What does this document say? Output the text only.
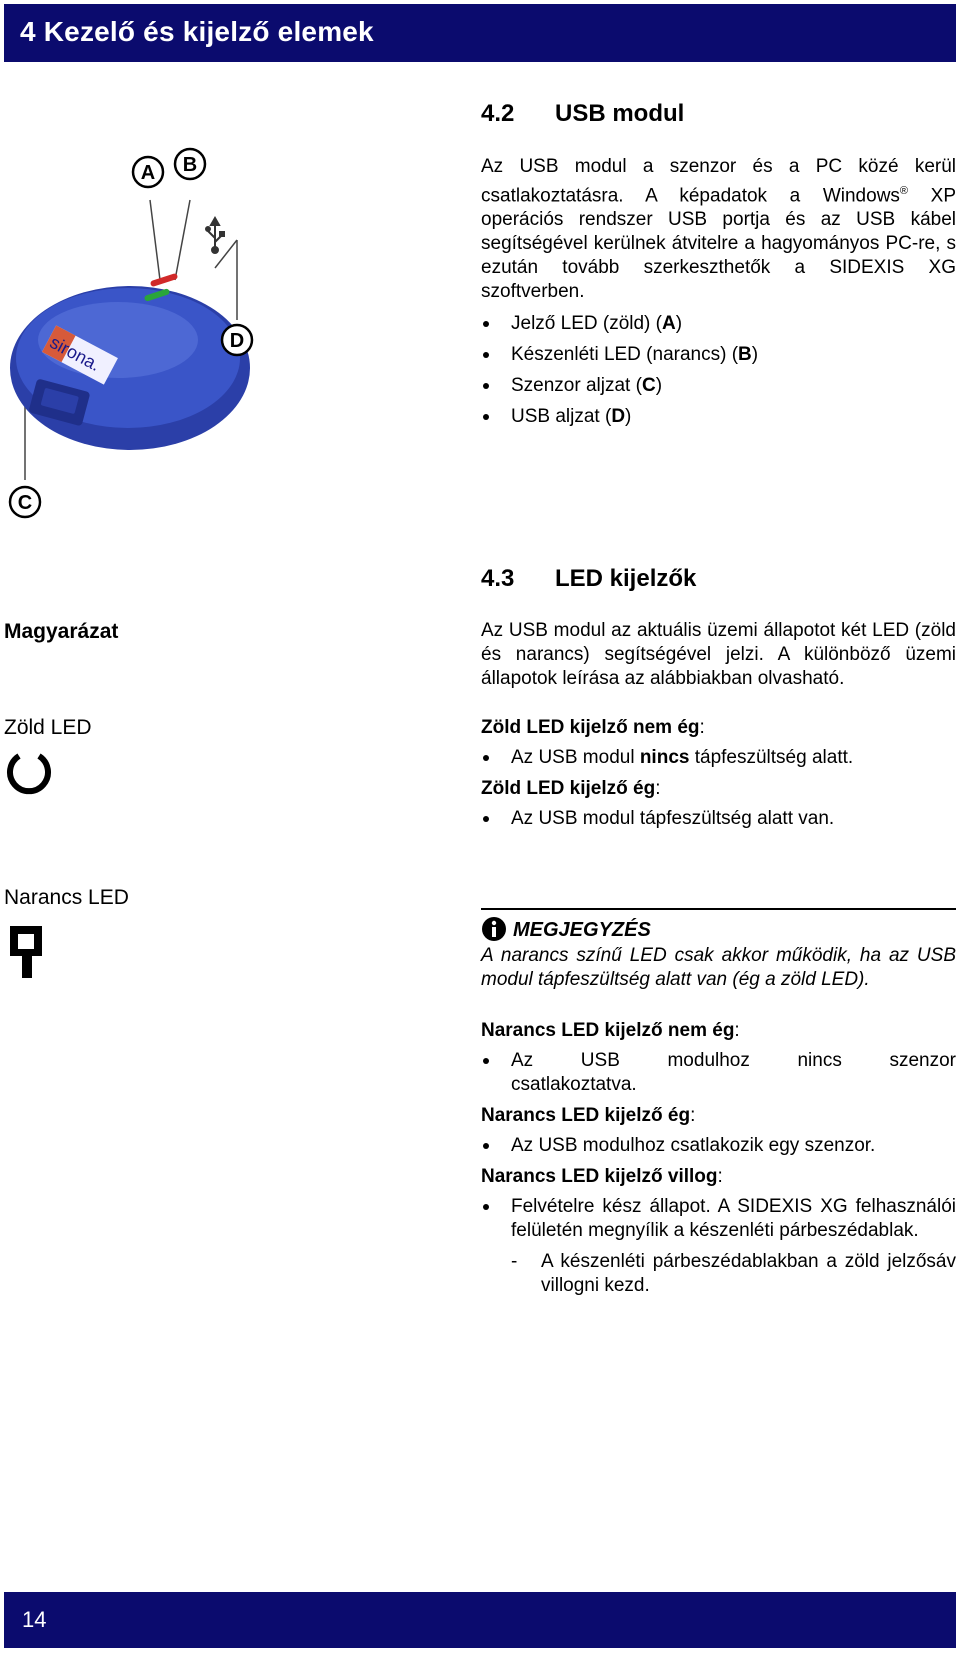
4 Kezelő és kijelző elemek
sirona.
A B
D
C
4.2 USB modul

Az USB modul a szenzor és a PC közé kerül csatlakoztatásra. A képadatok a Windows® XP operációs rendszer USB portja és az USB kábel segítségével kerülnek átvitelre a hagyományos PC-re, s ezután tovább szerkeszthetők a SIDEXIS XG szoftverben.

Jelző LED (zöld) (A)
Készenléti LED (narancs) (B)
Szenzor aljzat (C)
USB aljzat (D)
4.3 LED kijelzők
Magyarázat
Zöld LED
Narancs LED

Az USB modul az aktuális üzemi állapotot két LED (zöld és narancs) segítségével jelzi. A különböző üzemi állapotok leírása az alábbiakban olvasható.

Zöld LED kijelző nem ég:

Az USB modul nincs tápfeszültség alatt.

Zöld LED kijelző ég:

Az USB modul tápfeszültség alatt van.
MEGJEGYZÉS

A narancs színű LED csak akkor működik, ha az USB modul tápfeszültség alatt van (ég a zöld LED).

Narancs LED kijelző nem ég:

Az USB modulhoz nincs szenzor csatlakoztatva.

Narancs LED kijelző ég:

Az USB modulhoz csatlakozik egy szenzor.

Narancs LED kijelző villog:

Felvételre kész állapot. A SIDEXIS XG felhasználói felületén megnyílik a készenléti párbeszédablak.
- A készenléti párbeszédablakban a zöld jelzősáv villogni kezd.
14
